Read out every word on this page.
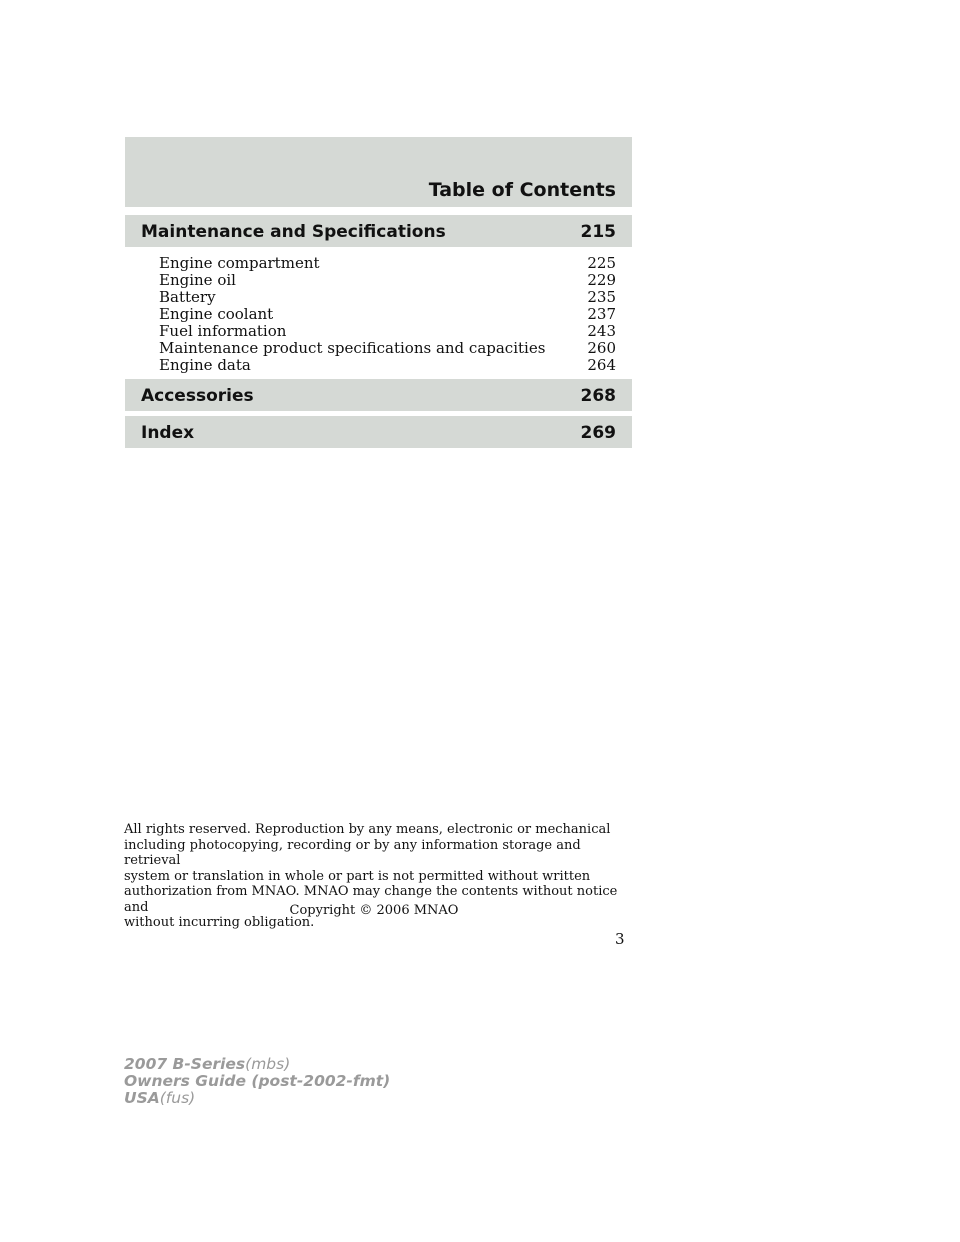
Table of Contents
Maintenance and Specifications	215
Engine compartment	225
Engine oil	229
Battery	235
Engine coolant	237
Fuel information	243
Maintenance product specifications and capacities	260
Engine data	264
Accessories	268
Index	269
All rights reserved. Reproduction by any means, electronic or mechanical
including photocopying, recording or by any information storage and retrieval
system or translation in whole or part is not permitted without written
authorization from MNAO. MNAO may change the contents without notice and
without incurring obligation.
Copyright © 2006 MNAO
3
2007 B-Series(mbs)
Owners Guide (post-2002-fmt)
USA(fus)
